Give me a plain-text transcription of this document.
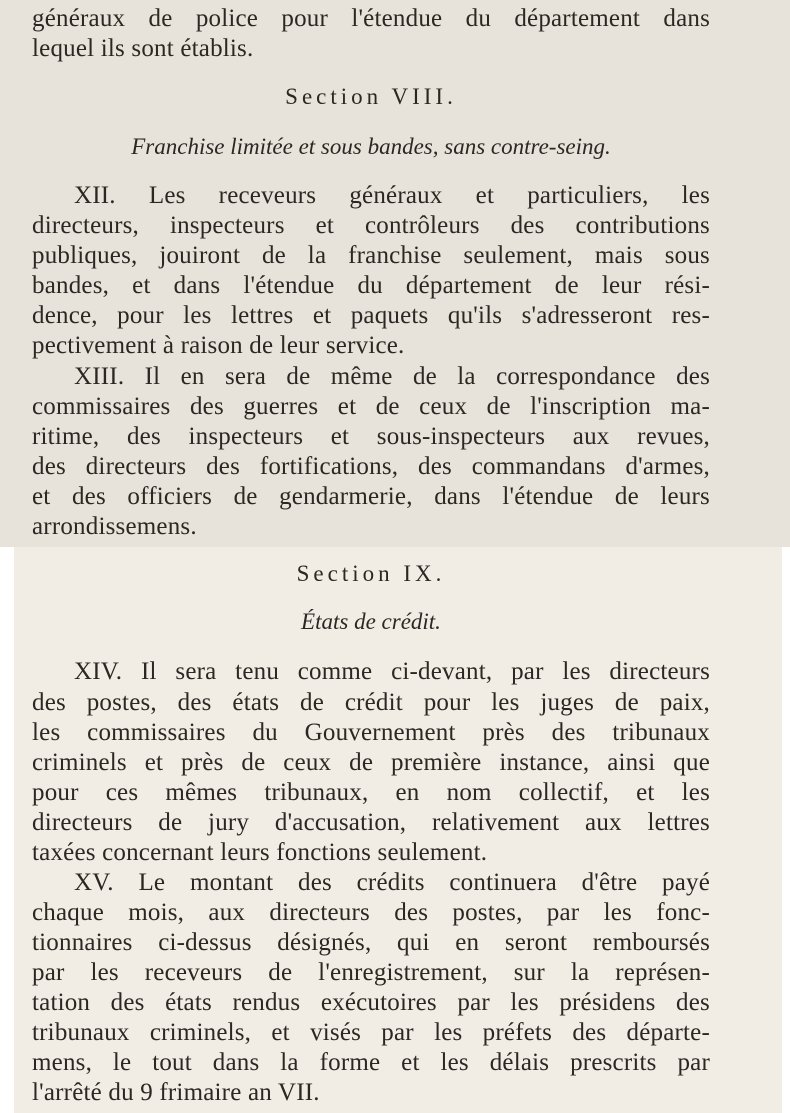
généraux de police pour l'étendue du département dans
lequel ils sont établis.
Section VIII.
Franchise limitée et sous bandes, sans contre-seing.
XII. Les receveurs généraux et particuliers, les
directeurs, inspecteurs et contrôleurs des contributions
publiques, jouiront de la franchise seulement, mais sous
bandes, et dans l'étendue du département de leur rési-
dence, pour les lettres et paquets qu'ils s'adresseront res-
pectivement à raison de leur service.
XIII. Il en sera de même de la correspondance des
commissaires des guerres et de ceux de l'inscription ma-
ritime, des inspecteurs et sous-inspecteurs aux revues,
des directeurs des fortifications, des commandans d'armes,
et des officiers de gendarmerie, dans l'étendue de leurs
arrondissemens.
Section IX.
États de crédit.
XIV. Il sera tenu comme ci-devant, par les directeurs
des postes, des états de crédit pour les juges de paix,
les commissaires du Gouvernement près des tribunaux
criminels et près de ceux de première instance, ainsi que
pour ces mêmes tribunaux, en nom collectif, et les
directeurs de jury d'accusation, relativement aux lettres
taxées concernant leurs fonctions seulement.
XV. Le montant des crédits continuera d'être payé
chaque mois, aux directeurs des postes, par les fonc-
tionnaires ci-dessus désignés, qui en seront remboursés
par les receveurs de l'enregistrement, sur la représen-
tation des états rendus exécutoires par les présidens des
tribunaux criminels, et visés par les préfets des départe-
mens, le tout dans la forme et les délais prescrits par
l'arrêté du 9 frimaire an VII.
